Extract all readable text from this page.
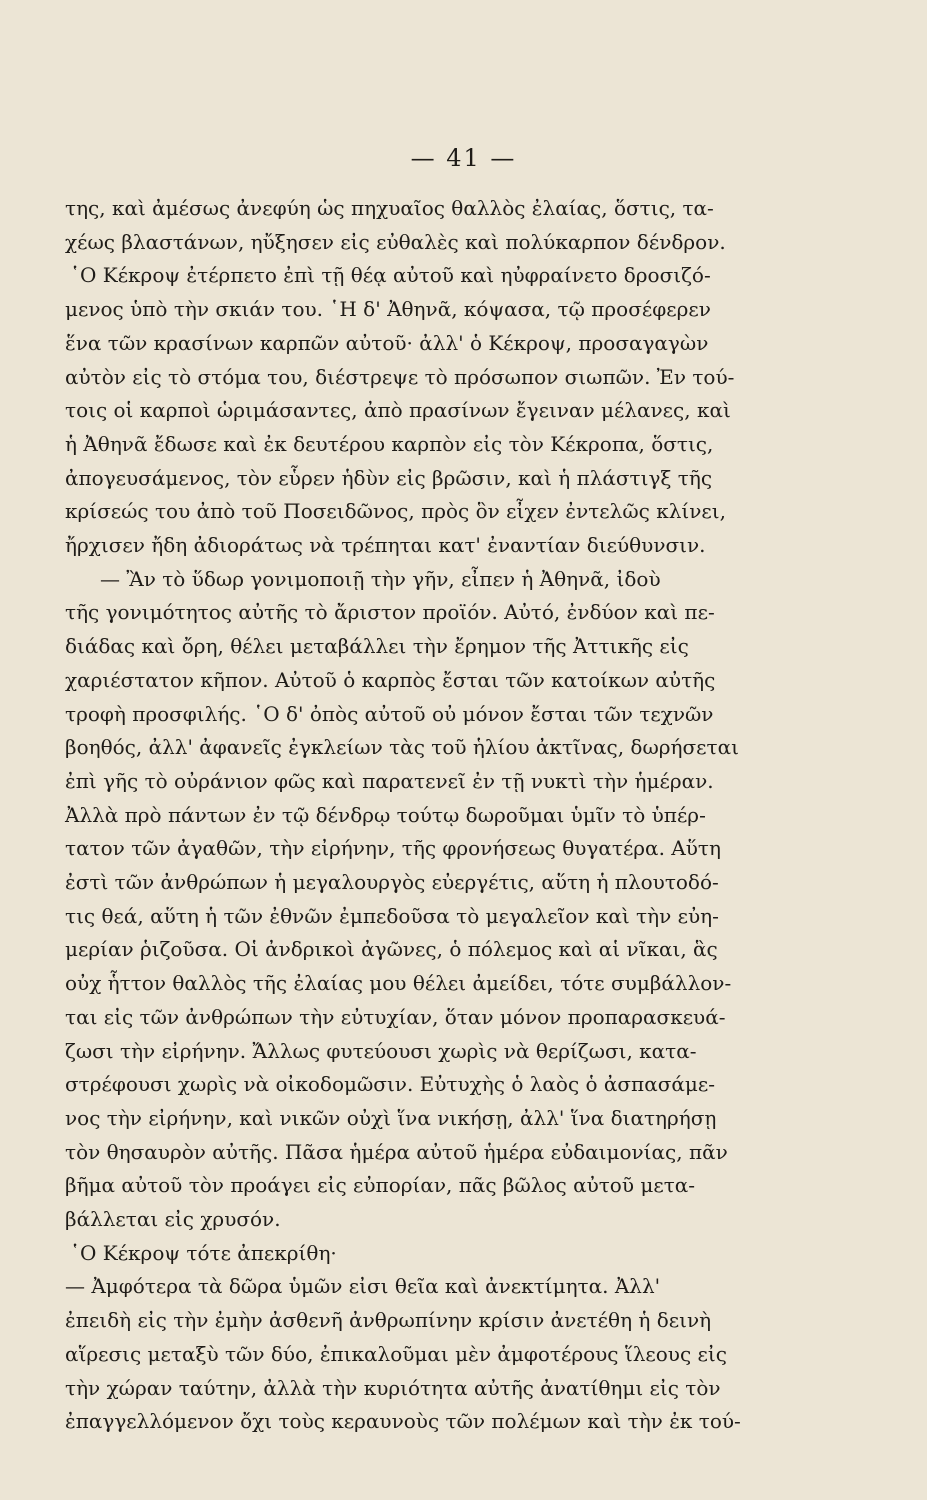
— 41 —
της, καὶ ἀμέσως ἀνεφύη ὡς πηχυαῖος θαλλὸς ἐλαίας, ὅστις, τα-
χέως βλαστάνων, ηὔξησεν εἰς εὐθαλὲς καὶ πολύκαρπον δένδρον.
῾Ο Κέκροψ ἐτέρπετο ἐπὶ τῇ θέᾳ αὐτοῦ καὶ ηὐφραίνετο δροσιζό-
μενος ὑπὸ τὴν σκιάν του. ῾Η δ' Ἀθηνᾶ, κόψασα, τῷ προσέφερεν
ἕνα τῶν κρασίνων καρπῶν αὐτοῦ· ἀλλ' ὁ Κέκροψ, προσαγαγὼν
αὐτὸν εἰς τὸ στόμα του, διέστρεψε τὸ πρόσωπον σιωπῶν. Ἐν τού-
τοις οἱ καρποὶ ὡριμάσαντες, ἀπὸ πρασίνων ἔγειναν μέλανες, καὶ
ἡ Ἀθηνᾶ ἔδωσε καὶ ἐκ δευτέρου καρπὸν εἰς τὸν Κέκροπα, ὅστις,
ἀπογευσάμενος, τὸν εὗρεν ἡδὺν εἰς βρῶσιν, καὶ ἡ πλάστιγξ τῆς
κρίσεώς του ἀπὸ τοῦ Ποσειδῶνος, πρὸς ὃν εἶχεν ἐντελῶς κλίνει,
ἤρχισεν ἤδη ἀδιοράτως νὰ τρέπηται κατ' ἐναντίαν διεύθυνσιν.
— Ἂν τὸ ὕδωρ γονιμοποιῇ τὴν γῆν, εἶπεν ἡ Ἀθηνᾶ, ἰδοὺ
τῆς γονιμότητος αὐτῆς τὸ ἄριστον προϊόν. Αὐτό, ἐνδύον καὶ πε-
διάδας καὶ ὄρη, θέλει μεταβάλλει τὴν ἔρημον τῆς Ἀττικῆς εἰς
χαριέστατον κῆπον. Αὐτοῦ ὁ καρπὸς ἔσται τῶν κατοίκων αὐτῆς
τροφὴ προσφιλής. ῾Ο δ' ὀπὸς αὐτοῦ οὐ μόνον ἔσται τῶν τεχνῶν
βοηθός, ἀλλ' ἀφανεῖς ἐγκλείων τὰς τοῦ ἡλίου ἀκτῖνας, δωρήσεται
ἐπὶ γῆς τὸ οὐράνιον φῶς καὶ παρατενεῖ ἐν τῇ νυκτὶ τὴν ἡμέραν.
Ἀλλὰ πρὸ πάντων ἐν τῷ δένδρῳ τούτῳ δωροῦμαι ὑμῖν τὸ ὑπέρ-
τατον τῶν ἀγαθῶν, τὴν εἰρήνην, τῆς φρονήσεως θυγατέρα. Αὕτη
ἐστὶ τῶν ἀνθρώπων ἡ μεγαλουργὸς εὐεργέτις, αὕτη ἡ πλουτοδό-
τις θεά, αὕτη ἡ τῶν ἐθνῶν ἐμπεδοῦσα τὸ μεγαλεῖον καὶ τὴν εὐη-
μερίαν ῥιζοῦσα. Οἱ ἀνδρικοὶ ἀγῶνες, ὁ πόλεμος καὶ αἱ νῖκαι, ἃς
οὐχ ἧττον θαλλὸς τῆς ἐλαίας μου θέλει ἀμείδει, τότε συμβάλλον-
ται εἰς τῶν ἀνθρώπων τὴν εὐτυχίαν, ὅταν μόνον προπαρασκευά-
ζωσι τὴν εἰρήνην. Ἄλλως φυτεύουσι χωρὶς νὰ θερίζωσι, κατα-
στρέφουσι χωρὶς νὰ οἰκοδομῶσιν. Εὐτυχὴς ὁ λαὸς ὁ ἀσπασάμε-
νος τὴν εἰρήνην, καὶ νικῶν οὐχὶ ἵνα νικήσῃ, ἀλλ' ἵνα διατηρήσῃ
τὸν θησαυρὸν αὐτῆς. Πᾶσα ἡμέρα αὐτοῦ ἡμέρα εὐδαιμονίας, πᾶν
βῆμα αὐτοῦ τὸν προάγει εἰς εὐπορίαν, πᾶς βῶλος αὐτοῦ μετα-
βάλλεται εἰς χρυσόν.
῾Ο Κέκροψ τότε ἀπεκρίθη·
— Ἀμφότερα τὰ δῶρα ὑμῶν εἰσι θεῖα καὶ ἀνεκτίμητα. Ἀλλ'
ἐπειδὴ εἰς τὴν ἐμὴν ἀσθενῆ ἀνθρωπίνην κρίσιν ἀνετέθη ἡ δεινὴ
αἵρεσις μεταξὺ τῶν δύο, ἐπικαλοῦμαι μὲν ἀμφοτέρους ἵλεους εἰς
τὴν χώραν ταύτην, ἀλλὰ τὴν κυριότητα αὐτῆς ἀνατίθημι εἰς τὸν
ἐπαγγελλόμενον ὄχι τοὺς κεραυνοὺς τῶν πολέμων καὶ τὴν ἐκ τού-
